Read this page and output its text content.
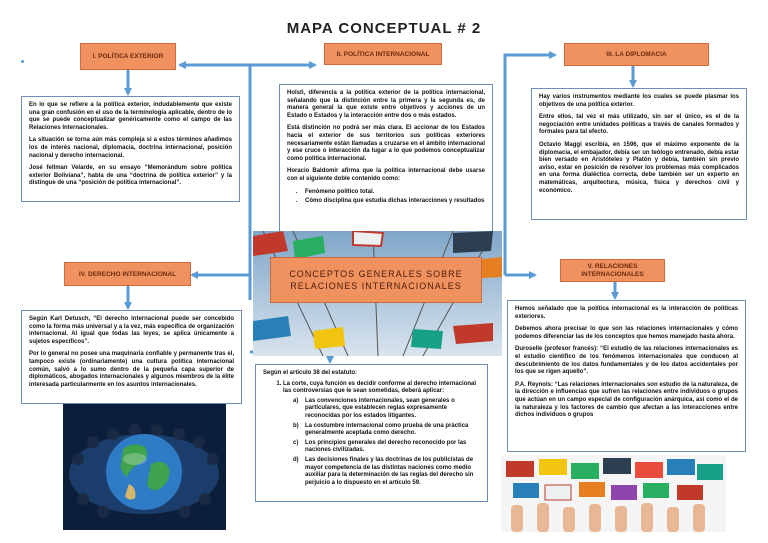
MAPA CONCEPTUAL # 2
I. POLÍTICA EXTERIOR	II. POLÍTICA INTERNACIONAL	III. LA DIPLOMACIA
IV. DERECHO INTERNACIONAL
V. RELACIONES INTERNACIONALES

En lo que se refiere a la política exterior, indudablemente que existe una gran confusión en el uso de la terminología aplicable, dentro de lo que se puede conceptualizar genéricamente como el campo de las Relaciones Internacionales.

La situación se torna aún más compleja si a estos términos añadimos los de interés nacional, diplomacia, doctrina internacional, posición nacional y derecho internacional.

José fellman Velarde, en su ensayo “Memorándum sobre política exterior Boliviana”, habla de una “doctrina de política exterior” y la distingue de una “posición de política internacional”.

Holsti, diferencia a la política exterior de la política internacional, señalando que la distinción entre la primera y la segunda es, de manera general la que existe entre objetivos y acciones de un Estado o Estados y la interacción entre dos o más estados.

Está distinción no podrá ser más clara. El accionar de los Estados hacia el exterior de sus territorios sus políticas exteriores necesariamente están llamadas a cruzarse en el ámbito internacional y ese cruce o interacción da lugar a lo que podemos conceptualizar como política internacional.

Horacio Baldomir afirma que la política internacional debe usarse con el siguiente doble contenido como:

• Fenómeno político total.
• Cómo disciplina que estudia dichas interacciones y resultados

Hay varios instrumentos mediante los cuales se puede plasmar los objetivos de una política exterior.

Entre ellos, tal vez el más utilizado, sin ser el único, es el de la negociación entre unidades políticas a través de canales formados y formales para tal efecto.

Octavio Maggi escribía, en 1596, que el máximo exponente de la diplomacia, el embajador, debía ser un teólogo entrenado, debía estar bien versado en Aristóteles y Platón y debía, también sin previo aviso, estar en posición de resolver los problemas más complicados en una forma dialéctica correcta, debe también ser un experto en matemáticas, arquitectura, música, física y derechos civil y económico.

CONCEPTOS GENERALES SOBRE RELACIONES INTERNACIONALES

Según Karl Detusch, “El derecho internacional puede ser concebido como la forma más universal y a la vez, más específica de organización internacional. Al igual que todas las leyes, se aplica únicamente a sujetos específicos”.

Por lo general no posee una maquinaria confiable y permanente tras el, tampoco existe (ordinariamente) una cultura política internacional común, salvó a lo sumo dentro de la pequeña capa superior de diplomáticos, abogados internacionales y algunos miembros de la élite interesada particularmente en los asuntos internacionales.

Según el artículo 38 del estatuto:

1. La corte, cuya función es decidir conforme al derecho internacional las controversias que le sean sometidas, deberá aplicar:
a)	Las convenciones internacionales, sean generales o particulares, que establecen reglas expresamente reconocidas por los estados litigantes.
b)	La costumbre internacional como prueba de una práctica generalmente aceptada como derecho.
c)	Los principios generales del derecho reconocido por las naciones civilizadas.
d)	Las decisiones finales y las doctrinas de los publicistas de mayor competencia de las distintas naciones como medio auxiliar para la determinación de las reglas del derecho sin perjuicio a lo dispuesto en el artículo 59.

Hemos señalado que la política internacional es la interacción de políticas exteriores.

Debemos ahora precisar lo que son las relaciones internacionales y cómo podemos diferenciar las de los conceptos que hemos manejado hasta ahora.

Duroselle (profesor francés): “El estudio de las relaciones internacionales es el estudio científico de los fenómenos internacionales que conducen al descubrimiento de los datos fundamentales y de los datos accidentales por los que se rigen aquello”.

P.A. Reynols: “Las relaciones internacionales son estudio de la naturaleza, de la dirección e influencias que sufren las relaciones entre individuos o grupos que actúan en un campo especial de configuración anárquica, así como el de la naturaleza y los factores de cambio que afectan a las interacciones entre dichos individuos o grupos
